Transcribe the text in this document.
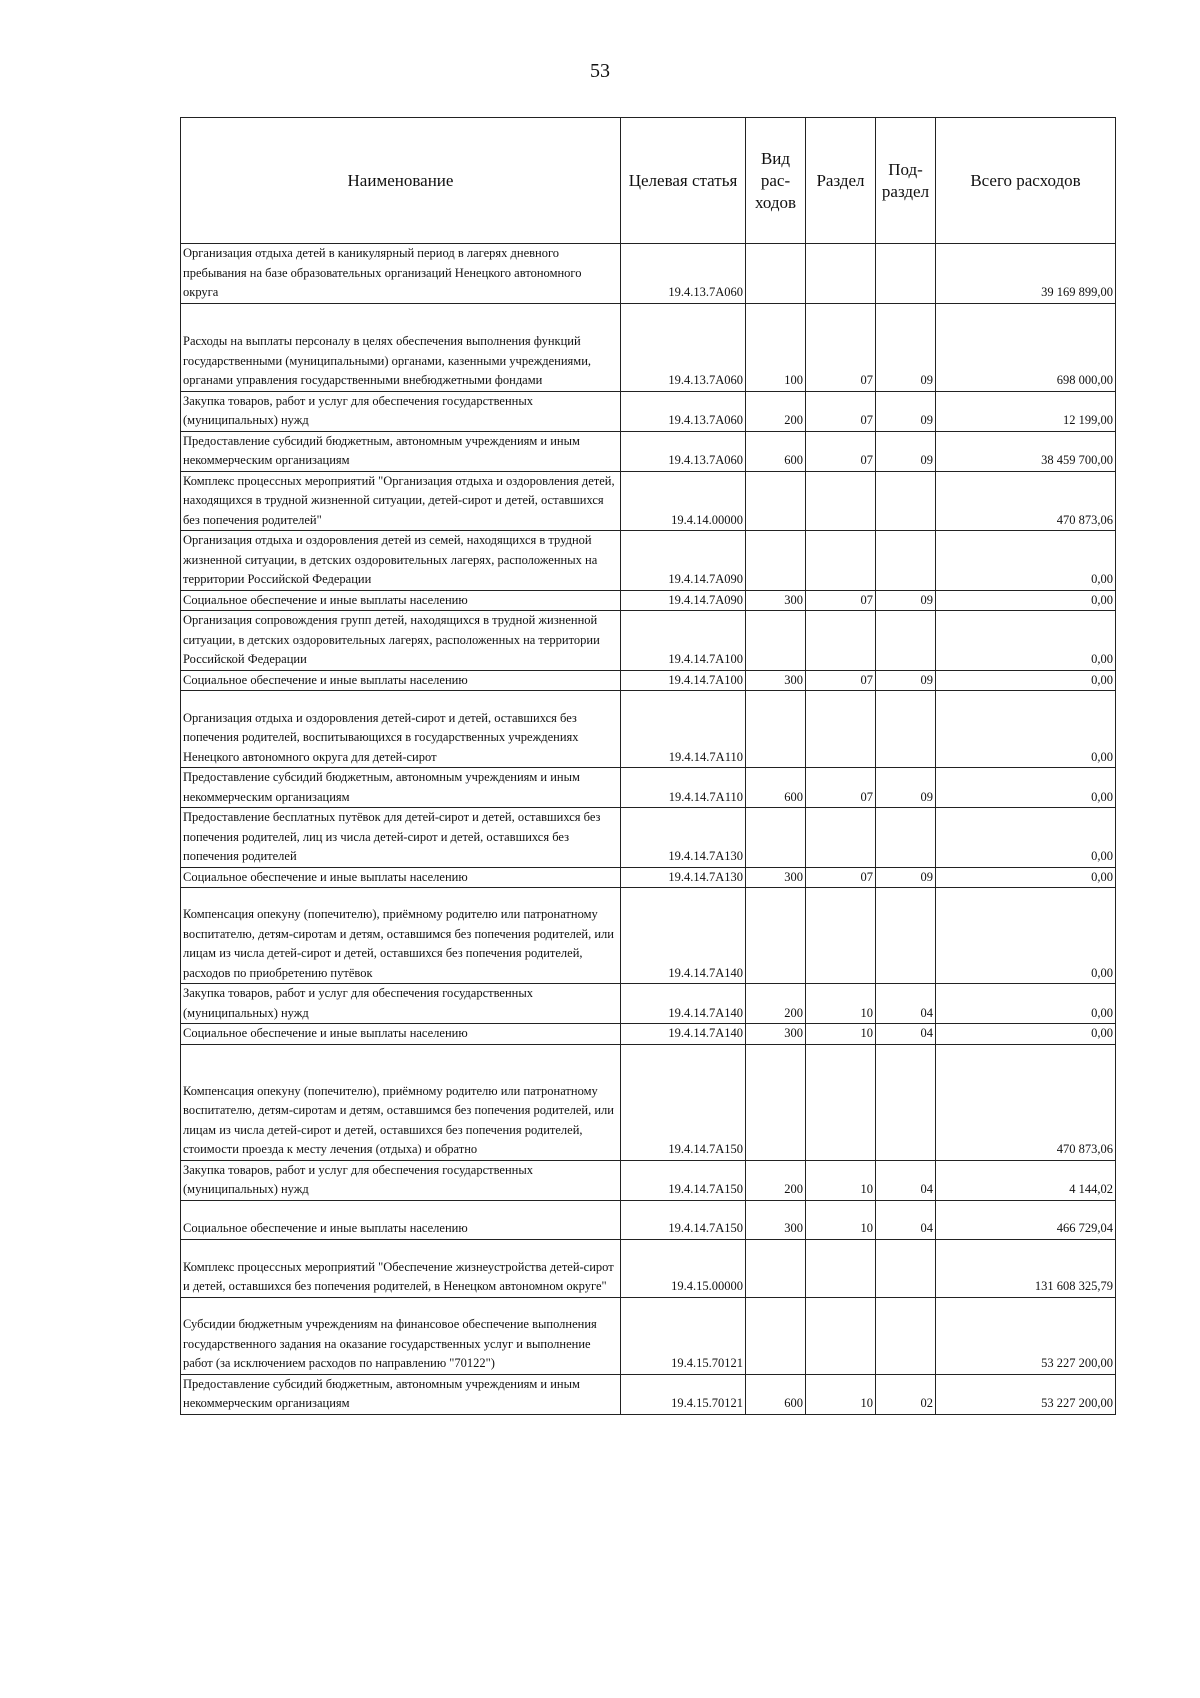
53
Наименование	Целевая статья	Вид рас-ходов	Раздел	Под-раздел	Всего расходов
Организация отдыха детей в каникулярный период в лагерях дневного пребывания на базе образовательных организаций Ненецкого автономного округа	19.4.13.7А060				39 169 899,00
Расходы на выплаты персоналу в целях обеспечения выполнения функций государственными (муниципальными) органами, казенными учреждениями, органами управления государственными внебюджетными фондами	19.4.13.7А060	100	07	09	698 000,00
Закупка товаров, работ и услуг для обеспечения государственных (муниципальных) нужд	19.4.13.7А060	200	07	09	12 199,00
Предоставление субсидий бюджетным, автономным учреждениям и иным некоммерческим организациям	19.4.13.7А060	600	07	09	38 459 700,00
Комплекс процессных мероприятий "Организация отдыха и оздоровления детей, находящихся в трудной жизненной ситуации, детей-сирот и детей, оставшихся без попечения родителей"	19.4.14.00000				470 873,06
Организация отдыха и оздоровления детей из семей, находящихся в трудной жизненной ситуации, в детских оздоровительных лагерях, расположенных на территории Российской Федерации	19.4.14.7А090				0,00
Социальное обеспечение и иные выплаты населению	19.4.14.7А090	300	07	09	0,00
Организация сопровождения групп детей, находящихся в трудной жизненной ситуации, в детских оздоровительных лагерях, расположенных на территории Российской Федерации	19.4.14.7А100				0,00
Социальное обеспечение и иные выплаты населению	19.4.14.7А100	300	07	09	0,00
Организация отдыха и оздоровления детей-сирот и детей, оставшихся без попечения родителей, воспитывающихся в государственных учреждениях Ненецкого автономного округа для детей-сирот	19.4.14.7А110				0,00
Предоставление субсидий бюджетным, автономным учреждениям и иным некоммерческим организациям	19.4.14.7А110	600	07	09	0,00
Предоставление бесплатных путёвок для детей-сирот и детей, оставшихся без попечения родителей, лиц из числа детей-сирот и детей, оставшихся без попечения родителей	19.4.14.7А130				0,00
Социальное обеспечение и иные выплаты населению	19.4.14.7А130	300	07	09	0,00
Компенсация опекуну (попечителю), приёмному родителю или патронатному воспитателю, детям-сиротам и детям, оставшимся без попечения родителей, или лицам из числа детей-сирот и детей, оставшихся без попечения родителей, расходов по приобретению путёвок	19.4.14.7А140				0,00
Закупка товаров, работ и услуг для обеспечения государственных (муниципальных) нужд	19.4.14.7А140	200	10	04	0,00
Социальное обеспечение и иные выплаты населению	19.4.14.7А140	300	10	04	0,00
Компенсация опекуну (попечителю), приёмному родителю или патронатному воспитателю, детям-сиротам и детям, оставшимся без попечения родителей, или лицам из числа детей-сирот и детей, оставшихся без попечения родителей, стоимости проезда к месту лечения (отдыха) и обратно	19.4.14.7А150				470 873,06
Закупка товаров, работ и услуг для обеспечения государственных (муниципальных) нужд	19.4.14.7А150	200	10	04	4 144,02
Социальное обеспечение и иные выплаты населению	19.4.14.7А150	300	10	04	466 729,04
Комплекс процессных мероприятий "Обеспечение жизнеустройства детей-сирот и детей, оставшихся без попечения родителей, в Ненецком автономном округе"	19.4.15.00000				131 608 325,79
Субсидии бюджетным учреждениям на финансовое обеспечение выполнения государственного задания на оказание государственных услуг и выполнение работ (за исключением расходов по направлению "70122")	19.4.15.70121				53 227 200,00
Предоставление субсидий бюджетным, автономным учреждениям и иным некоммерческим организациям	19.4.15.70121	600	10	02	53 227 200,00
